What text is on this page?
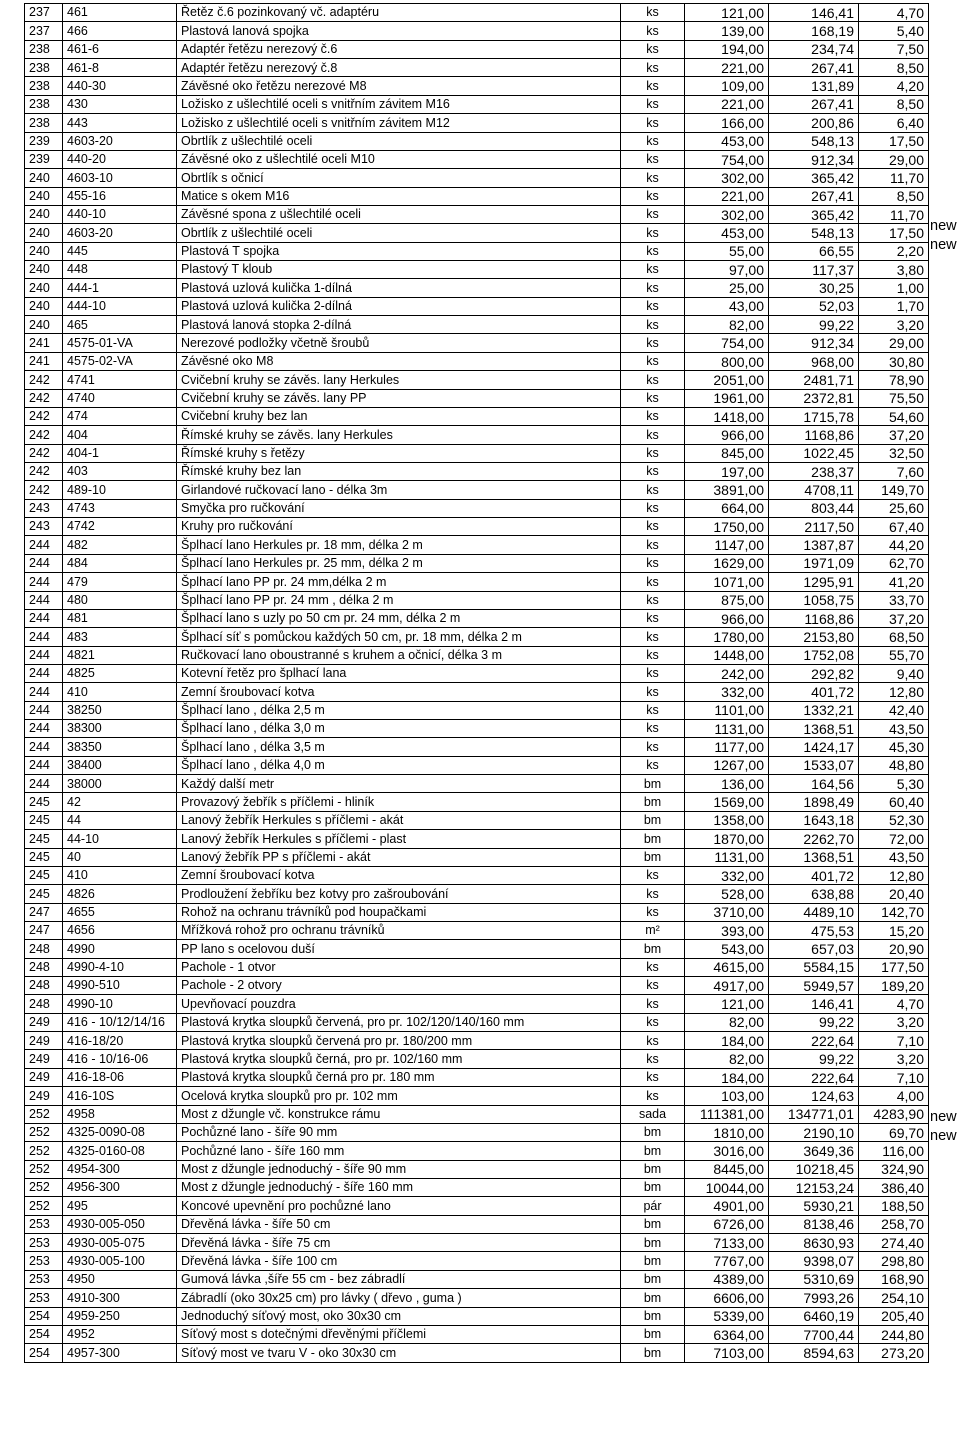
237	461	Řetěz č.6 pozinkovaný vč. adaptéru	ks	121,00	146,41	4,70
237	466	Plastová lanová spojka	ks	139,00	168,19	5,40
238	461-6	Adaptér řetězu nerezový č.6	ks	194,00	234,74	7,50
238	461-8	Adaptér řetězu nerezový č.8	ks	221,00	267,41	8,50
238	440-30	Závěsné oko řetězu nerezové M8	ks	109,00	131,89	4,20
238	430	Ložisko z ušlechtilé oceli s vnitřním závitem M16	ks	221,00	267,41	8,50
238	443	Ložisko z ušlechtilé oceli s vnitřním závitem M12	ks	166,00	200,86	6,40
239	4603-20	Obrtlík z ušlechtilé oceli	ks	453,00	548,13	17,50
239	440-20	Závěsné oko z ušlechtilé oceli M10	ks	754,00	912,34	29,00
240	4603-10	Obrtlík s očnicí	ks	302,00	365,42	11,70
240	455-16	Matice s okem M16	ks	221,00	267,41	8,50
240	440-10	Závěsné spona z ušlechtilé oceli	ks	302,00	365,42	11,70
240	4603-20	Obrtlík z ušlechtilé oceli	ks	453,00	548,13	17,50
240	445	Plastová T spojka	ks	55,00	66,55	2,20
240	448	Plastový T kloub	ks	97,00	117,37	3,80
240	444-1	Plastová uzlová kulička 1-dílná	ks	25,00	30,25	1,00
240	444-10	Plastová uzlová kulička 2-dílná	ks	43,00	52,03	1,70
240	465	Plastová lanová stopka 2-dílná	ks	82,00	99,22	3,20
241	4575-01-VA	Nerezové podložky včetně šroubů	ks	754,00	912,34	29,00
241	4575-02-VA	Závěsné oko M8	ks	800,00	968,00	30,80
242	4741	Cvičební kruhy se závěs. lany Herkules	ks	2051,00	2481,71	78,90
242	4740	Cvičební kruhy se závěs. lany PP	ks	1961,00	2372,81	75,50
242	474	Cvičební kruhy bez lan	ks	1418,00	1715,78	54,60
242	404	Římské kruhy se závěs. lany Herkules	ks	966,00	1168,86	37,20
242	404-1	Římské kruhy s řetězy	ks	845,00	1022,45	32,50
242	403	Římské kruhy bez lan	ks	197,00	238,37	7,60
242	489-10	Girlandové ručkovací lano - délka 3m	ks	3891,00	4708,11	149,70
243	4743	Smyčka pro ručkování	ks	664,00	803,44	25,60
243	4742	Kruhy pro ručkování	ks	1750,00	2117,50	67,40
244	482	Šplhací lano Herkules pr. 18 mm, délka 2 m	ks	1147,00	1387,87	44,20
244	484	Šplhací lano Herkules pr. 25 mm, délka 2 m	ks	1629,00	1971,09	62,70
244	479	Šplhací lano PP pr. 24 mm,délka 2 m	ks	1071,00	1295,91	41,20
244	480	Šplhací lano PP pr. 24 mm , délka 2 m	ks	875,00	1058,75	33,70
244	481	Šplhací lano s uzly po 50 cm pr. 24 mm, délka 2 m	ks	966,00	1168,86	37,20
244	483	Šplhací síť s pomůckou každých 50 cm, pr. 18 mm, délka 2 m	ks	1780,00	2153,80	68,50
244	4821	Ručkovací lano oboustranné s kruhem a očnicí, délka 3 m	ks	1448,00	1752,08	55,70
244	4825	Kotevní řetěz pro šplhací lana	ks	242,00	292,82	9,40
244	410	Zemní šroubovací kotva	ks	332,00	401,72	12,80
244	38250	Šplhací lano , délka 2,5 m	ks	1101,00	1332,21	42,40
244	38300	Šplhací lano , délka 3,0 m	ks	1131,00	1368,51	43,50
244	38350	Šplhací lano , délka 3,5 m	ks	1177,00	1424,17	45,30
244	38400	Šplhací lano , délka 4,0 m	ks	1267,00	1533,07	48,80
244	38000	Každý další metr	bm	136,00	164,56	5,30
245	42	Provazový žebřík s příčlemi - hliník	bm	1569,00	1898,49	60,40
245	44	Lanový žebřík Herkules s příčlemi - akát	bm	1358,00	1643,18	52,30
245	44-10	Lanový žebřík Herkules s příčlemi - plast	bm	1870,00	2262,70	72,00
245	40	Lanový žebřík PP s příčlemi - akát	bm	1131,00	1368,51	43,50
245	410	Zemní šroubovací kotva	ks	332,00	401,72	12,80
245	4826	Prodloužení žebříku bez kotvy pro zašroubování	ks	528,00	638,88	20,40
247	4655	Rohož na ochranu trávníků pod houpačkami	ks	3710,00	4489,10	142,70
247	4656	Mřížková rohož pro ochranu trávníků	m²	393,00	475,53	15,20
248	4990	PP lano s ocelovou duší	bm	543,00	657,03	20,90
248	4990-4-10	Pachole - 1 otvor	ks	4615,00	5584,15	177,50
248	4990-510	Pachole - 2 otvory	ks	4917,00	5949,57	189,20
248	4990-10	Upevňovací pouzdra	ks	121,00	146,41	4,70
249	416 - 10/12/14/16	Plastová krytka sloupků červená, pro pr. 102/120/140/160 mm	ks	82,00	99,22	3,20
249	416-18/20	Plastová krytka sloupků červená pro pr. 180/200 mm	ks	184,00	222,64	7,10
249	416 - 10/16-06	Plastová krytka sloupků černá, pro pr. 102/160 mm	ks	82,00	99,22	3,20
249	416-18-06	Plastová krytka sloupků černá pro pr. 180 mm	ks	184,00	222,64	7,10
249	416-10S	Ocelová krytka sloupků pro pr. 102 mm	ks	103,00	124,63	4,00
252	4958	Most z džungle vč. konstrukce rámu	sada	111381,00	134771,01	4283,90
252	4325-0090-08	Pochůzné lano - šíře 90 mm	bm	1810,00	2190,10	69,70
252	4325-0160-08	Pochůzné lano - šíře 160 mm	bm	3016,00	3649,36	116,00
252	4954-300	Most z džungle jednoduchý - šíře 90 mm	bm	8445,00	10218,45	324,90
252	4956-300	Most z džungle jednoduchý - šíře 160 mm	bm	10044,00	12153,24	386,40
252	495	Koncové upevnění pro pochůzné lano	pár	4901,00	5930,21	188,50
253	4930-005-050	Dřevěná lávka - šíře 50 cm	bm	6726,00	8138,46	258,70
253	4930-005-075	Dřevěná lávka - šíře 75 cm	bm	7133,00	8630,93	274,40
253	4930-005-100	Dřevěná lávka - šíře 100 cm	bm	7767,00	9398,07	298,80
253	4950	Gumová lávka ,šíře 55 cm - bez zábradlí	bm	4389,00	5310,69	168,90
253	4910-300	Zábradlí (oko 30x25 cm) pro lávky ( dřevo , guma )	bm	6606,00	7993,26	254,10
254	4959-250	Jednoduchý síťový most, oko 30x30 cm	bm	5339,00	6460,19	205,40
254	4952	Síťový most s dotečnými dřevěnými příčlemi	bm	6364,00	7700,44	244,80
254	4957-300	Síťový most ve tvaru V - oko 30x30 cm	bm	7103,00	8594,63	273,20
new
new
new
new
